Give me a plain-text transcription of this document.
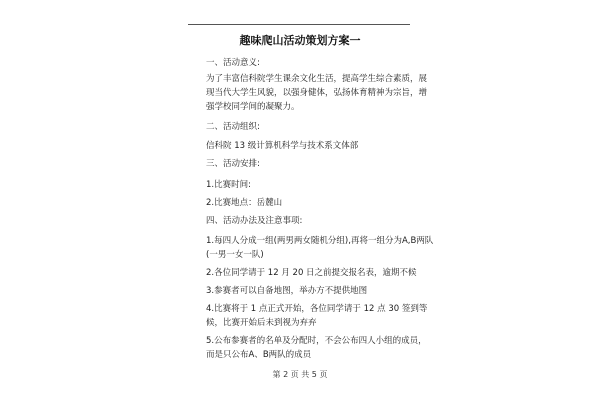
趣味爬山活动策划方案一
一、活动意义:
为了丰富信科院学生课余文化生活，提高学生综合素质，展现当代大学生风貌，以强身健体，弘扬体育精神为宗旨，增强学校同学间的凝聚力。
二、活动组织:
信科院 13 级计算机科学与技术系文体部
三、活动安排:
1.比赛时间:
2.比赛地点：岳麓山
四、活动办法及注意事项:
1.每四人分成一组(两男两女随机分组),再将一组分为A,B两队(一男一女一队)
2.各位同学请于 12 月 20 日之前提交报名表，逾期不候
3.参赛者可以自备地图，举办方不提供地图
4.比赛将于 1 点正式开始，各位同学请于 12 点 30 签到等候，比赛开始后未到视为弃弃
5.公布参赛者的名单及分配时，不会公布四人小组的成员，而是只公布A、B两队的成员
第 2 页 共 5 页
